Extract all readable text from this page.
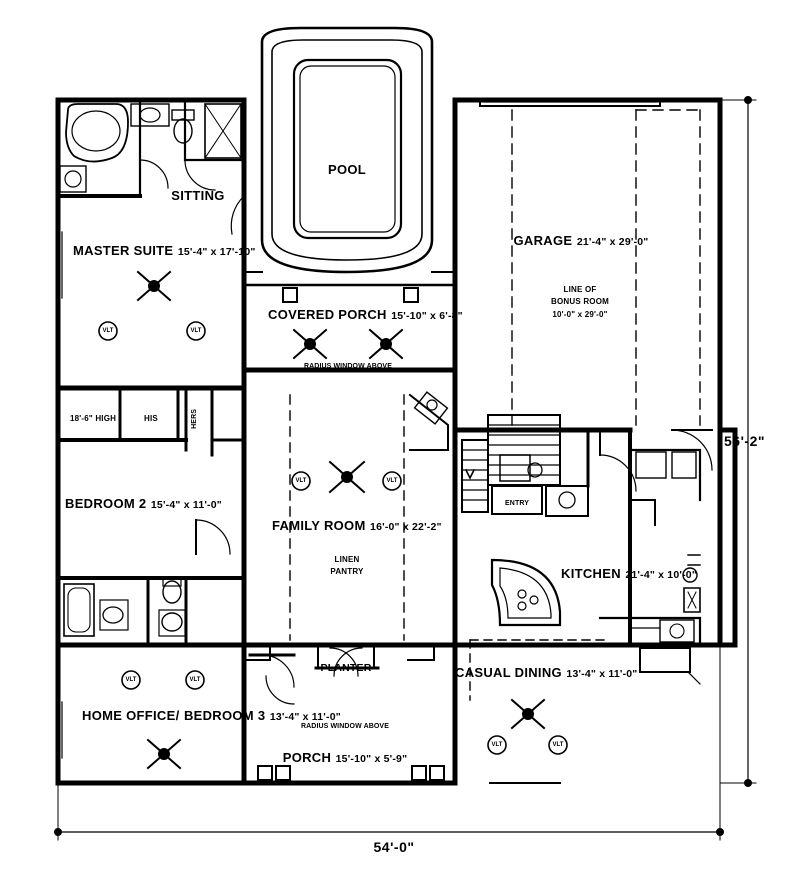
POOL
SITTING
MASTER SUITE 15'-4" x 17'-10"
GARAGE 21'-4" x 29'-0"
LINE OF
BONUS ROOM
10'-0" x 29'-0"
COVERED PORCH 15'-10" x 6'-8"
RADIUS WINDOW ABOVE
18'-6" HIGH	HIS	HERS
BEDROOM 2 15'-4" x 11'-0"
FAMILY ROOM 16'-0" x 22'-2"
LINEN
PANTRY
ENTRY
KITCHEN 21'-4" x 10'-0"
CASUAL DINING 13'-4" x 11'-0"
PLANTER
HOME OFFICE/ BEDROOM 3 13'-4" x 11'-0"
RADIUS WINDOW ABOVE
PORCH 15'-10" x 5'-9"
VLT	VLT
VLT	VLT
VLT	VLT
VLT	VLT
56'-2"
54'-0"
